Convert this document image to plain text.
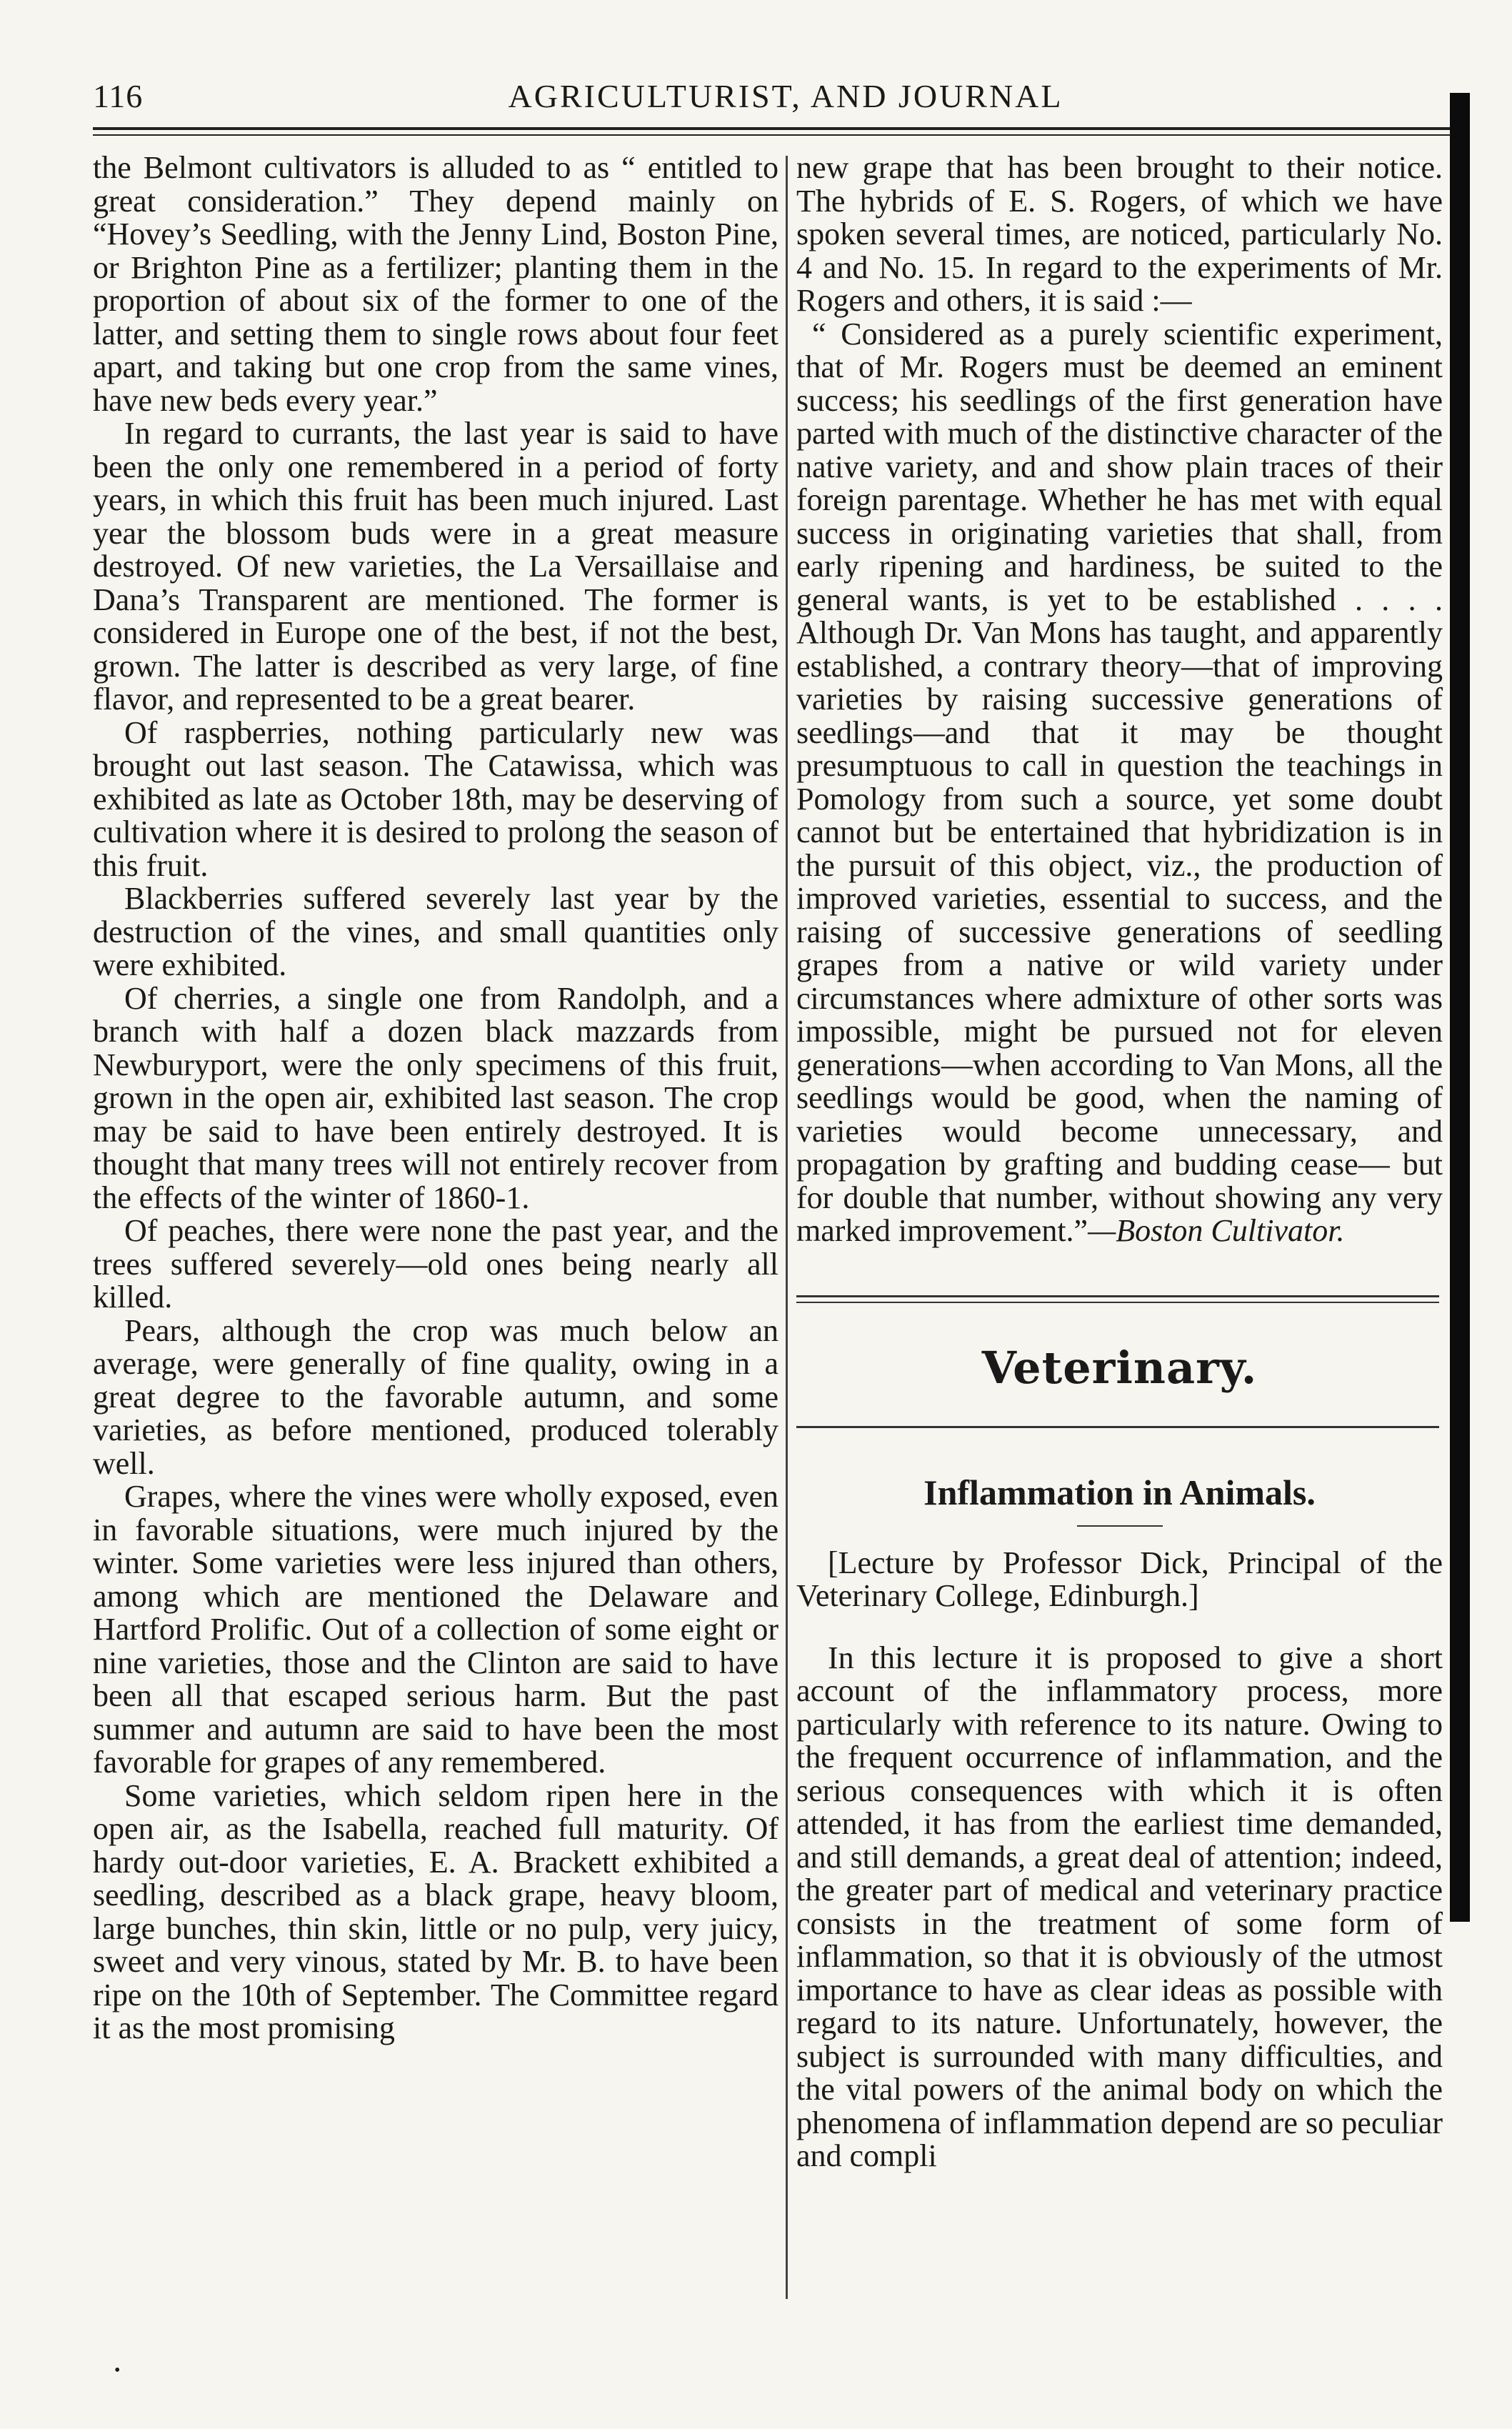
116	AGRICULTURIST, AND JOURNAL

the Belmont cultivators is alluded to as “ entitled to great consideration.” They depend mainly on “Hovey’s Seedling, with the Jenny Lind, Boston Pine, or Brighton Pine as a fertilizer; planting them in the proportion of about six of the former to one of the latter, and setting them to single rows about four feet apart, and taking but one crop from the same vines, have new beds every year.”

In regard to currants, the last year is said to have been the only one remembered in a period of forty years, in which this fruit has been much injured. Last year the blossom buds were in a great measure destroyed. Of new varieties, the La Versaillaise and Dana’s Transparent are mentioned. The former is considered in Europe one of the best, if not the best, grown. The latter is described as very large, of fine flavor, and represented to be a great bearer.

Of raspberries, nothing particularly new was brought out last season. The Catawissa, which was exhibited as late as October 18th, may be deserving of cultivation where it is desired to prolong the season of this fruit.

Blackberries suffered severely last year by the destruction of the vines, and small quantities only were exhibited.

Of cherries, a single one from Randolph, and a branch with half a dozen black mazzards from Newburyport, were the only specimens of this fruit, grown in the open air, exhibited last season. The crop may be said to have been entirely destroyed. It is thought that many trees will not entirely recover from the effects of the winter of 1860-1.

Of peaches, there were none the past year, and the trees suffered severely—old ones being nearly all killed.

Pears, although the crop was much below an average, were generally of fine quality, owing in a great degree to the favorable autumn, and some varieties, as before mentioned, produced tolerably well.

Grapes, where the vines were wholly exposed, even in favorable situations, were much injured by the winter. Some varieties were less injured than others, among which are mentioned the Delaware and Hartford Prolific. Out of a collection of some eight or nine varieties, those and the Clinton are said to have been all that escaped serious harm. But the past summer and autumn are said to have been the most favorable for grapes of any remembered.

Some varieties, which seldom ripen here in the open air, as the Isabella, reached full maturity. Of hardy out-door varieties, E. A. Brackett exhibited a seedling, described as a black grape, heavy bloom, large bunches, thin skin, little or no pulp, very juicy, sweet and very vinous, stated by Mr. B. to have been ripe on the 10th of September. The Committee regard it as the most promising

new grape that has been brought to their notice. The hybrids of E. S. Rogers, of which we have spoken several times, are noticed, particularly No. 4 and No. 15. In regard to the experiments of Mr. Rogers and others, it is said :—

“ Considered as a purely scientific experiment, that of Mr. Rogers must be deemed an eminent success; his seedlings of the first generation have parted with much of the distinctive character of the native variety, and and show plain traces of their foreign parentage. Whether he has met with equal success in originating varieties that shall, from early ripening and hardiness, be suited to the general wants, is yet to be established . . . . Although Dr. Van Mons has taught, and apparently established, a contrary theory—that of improving varieties by raising successive generations of seedlings—and that it may be thought presumptuous to call in question the teachings in Pomology from such a source, yet some doubt cannot but be entertained that hybridization is in the pursuit of this object, viz., the production of improved varieties, essential to success, and the raising of successive generations of seedling grapes from a native or wild variety under circumstances where admixture of other sorts was impossible, might be pursued not for eleven generations—when according to Van Mons, all the seedlings would be good, when the naming of varieties would become unnecessary, and propagation by grafting and budding cease— but for double that number, without showing any very marked improvement.”—Boston Cultivator.

Veterinary.
Inflammation in Animals.

[Lecture by Professor Dick, Principal of the Veterinary College, Edinburgh.]

In this lecture it is proposed to give a short account of the inflammatory process, more particularly with reference to its nature. Owing to the frequent occurrence of inflammation, and the serious consequences with which it is often attended, it has from the earliest time demanded, and still demands, a great deal of attention; indeed, the greater part of medical and veterinary practice consists in the treatment of some form of inflammation, so that it is obviously of the utmost importance to have as clear ideas as possible with regard to its nature. Unfortunately, however, the subject is surrounded with many difficulties, and the vital powers of the animal body on which the phenomena of inflammation depend are so peculiar and compli

•
